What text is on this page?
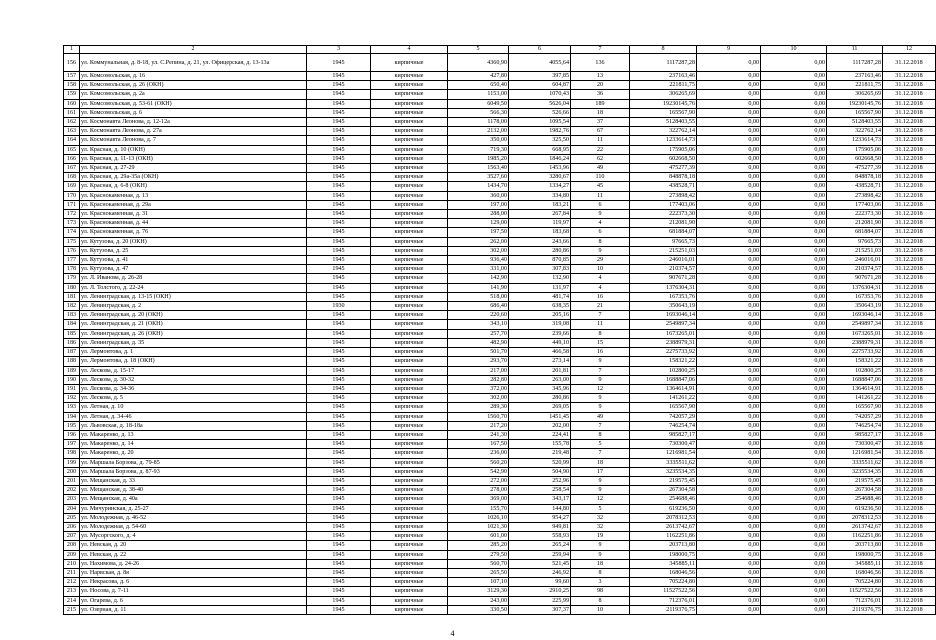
1	2	3	4	5	6	7	8	9	10	11	12
156	ул. Коммунальная, д. 8-18, ул. С.Репина, д. 21, ул. Офицерская, д. 13-13а	1945	кирпичные	4360,90	4055,64	136	1117287,28	0,00	0,00	1117287,28	31.12.2018
157	ул. Комсомольская, д. 16	1945	кирпичные	427,80	397,85	13	237163,46	0,00	0,00	237163,46	31.12.2018
158	ул. Комсомольская, д. 26 (ОКН)	1945	кирпичные	650,40	604,87	20	221811,75	0,00	0,00	221811,75	31.12.2018
159	ул. Комсомольская, д. 2а	1945	кирпичные	1153,00	1070,43	36	306265,69	0,00	0,00	306265,69	31.12.2018
160	ул. Комсомольская, д. 53-61 (ОКН)	1945	кирпичные	6049,50	5626,04	189	19230145,76	0,00	0,00	19230145,76	31.12.2018
161	ул. Комсомольская, д. 6	1945	кирпичные	566,30	526,66	18	165567,90	0,00	0,00	165567,90	31.12.2018
162	ул. Космонавта Леонова, д. 12-12а	1945	кирпичные	1178,00	1095,54	37	5128403,55	0,00	0,00	5128403,55	31.12.2018
163	ул. Космонавта Леонова, д. 27а	1945	кирпичные	2132,00	1982,76	67	322762,14	0,00	0,00	322762,14	31.12.2018
164	ул. Космонавта Леонова, д. 7	1945	кирпичные	350,00	325,50	11	1233614,73	0,00	0,00	1233614,73	31.12.2018
165	ул. Красная, д. 10 (ОКН)	1945	кирпичные	719,30	668,95	22	175905,06	0,00	0,00	175905,06	31.12.2018
166	ул. Красная, д. 11-13 (ОКН)	1945	кирпичные	1985,20	1846,24	62	602668,50	0,00	0,00	602668,50	31.12.2018
167	ул. Красная, д. 27-29	1945	кирпичные	1563,40	1453,96	49	475277,39	0,00	0,00	475277,39	31.12.2018
168	ул. Красная, д. 29а-35а (ОКН)	1945	кирпичные	3527,60	3280,67	110	848878,18	0,00	0,00	848878,18	31.12.2018
169	ул. Красная, д. 6-8 (ОКН)	1945	кирпичные	1434,70	1334,27	45	438528,71	0,00	0,00	438528,71	31.12.2018
170	ул. Краснокаменная, д. 13	1945	кирпичные	360,00	334,80	11	273898,42	0,00	0,00	273898,42	31.12.2018
171	ул. Краснокаменная, д. 29а	1945	кирпичные	197,00	183,21	6	177403,06	0,00	0,00	177403,06	31.12.2018
172	ул. Краснокаменная, д. 31	1945	кирпичные	288,00	267,84	9	222373,30	0,00	0,00	222373,30	31.12.2018
173	ул. Краснокаменная, д. 44	1945	кирпичные	129,00	119,97	4	212081,90	0,00	0,00	212081,90	31.12.2018
174	ул. Краснокаменная, д. 76	1945	кирпичные	197,50	183,68	6	681884,07	0,00	0,00	681884,07	31.12.2018
175	ул. Кутузова, д. 20 (ОКН)	1945	кирпичные	262,00	243,66	8	97665,73	0,00	0,00	97665,73	31.12.2018
176	ул. Кутузова, д. 25	1945	кирпичные	302,00	280,86	9	215251,03	0,00	0,00	215251,03	31.12.2018
177	ул. Кутузова, д. 41	1945	кирпичные	936,40	870,85	29	246016,01	0,00	0,00	246016,01	31.12.2018
178	ул. Кутузова, д. 47	1945	кирпичные	331,00	307,83	10	210374,57	0,00	0,00	210374,57	31.12.2018
179	ул. Л. Иванова, д. 26-28	1945	кирпичные	142,90	132,90	4	907671,28	0,00	0,00	907671,28	31.12.2018
180	ул. Л. Толстого, д. 22-24	1945	кирпичные	141,90	131,97	4	1376304,31	0,00	0,00	1376304,31	31.12.2018
181	ул. Ленинградская, д. 13-15 (ОКН)	1945	кирпичные	518,00	481,74	16	167353,76	0,00	0,00	167353,76	31.12.2018
182	ул. Ленинградская, д. 2	1930	кирпичные	686,40	638,35	21	350643,19	0,00	0,00	350643,19	31.12.2018
183	ул. Ленинградская, д. 20 (ОКН)	1945	кирпичные	220,60	205,16	7	1693046,14	0,00	0,00	1693046,14	31.12.2018
184	ул. Ленинградская, д. 21 (ОКН)	1945	кирпичные	343,10	319,08	11	2549897,34	0,00	0,00	2549897,34	31.12.2018
185	ул. Ленинградская, д. 26 (ОКН)	1945	кирпичные	257,70	239,66	8	1673265,01	0,00	0,00	1673265,01	31.12.2018
186	ул. Ленинградская, д. 35	1945	кирпичные	482,90	449,10	15	2388979,31	0,00	0,00	2388979,31	31.12.2018
187	ул. Лермонтова, д. 1	1945	кирпичные	501,70	466,58	16	2275733,92	0,00	0,00	2275733,92	31.12.2018
188	ул. Лермонтова, д. 18 (ОКН)	1945	кирпичные	293,70	273,14	9	158321,22	0,00	0,00	158321,22	31.12.2018
189	ул. Лескова, д. 15-17	1945	кирпичные	217,00	201,81	7	102800,25	0,00	0,00	102800,25	31.12.2018
190	ул. Лескова, д. 30-32	1945	кирпичные	282,80	263,00	9	1688847,06	0,00	0,00	1688847,06	31.12.2018
191	ул. Лескова, д. 34-36	1945	кирпичные	372,00	345,96	12	1364614,91	0,00	0,00	1364614,91	31.12.2018
192	ул. Лескова, д. 5	1945	кирпичные	302,00	280,86	9	141261,22	0,00	0,00	141261,22	31.12.2018
193	ул. Летная, д. 10	1945	кирпичные	289,30	269,05	9	165567,90	0,00	0,00	165567,90	31.12.2018
194	ул. Летная, д. 34-46	1945	кирпичные	1560,70	1451,45	49	742057,29	0,00	0,00	742057,29	31.12.2018
195	ул. Львовская, д. 18-18а	1945	кирпичные	217,20	202,00	7	746254,74	0,00	0,00	746254,74	31.12.2018
196	ул. Макаренко, д. 13	1945	кирпичные	241,30	224,41	8	985827,17	0,00	0,00	985827,17	31.12.2018
197	ул. Макаренко, д. 14	1945	кирпичные	167,50	155,78	5	730300,47	0,00	0,00	730300,47	31.12.2018
198	ул. Макаренко, д. 20	1945	кирпичные	236,00	219,48	7	1216981,54	0,00	0,00	1216981,54	31.12.2018
199	ул. Маршала Борзова, д. 79-85	1945	кирпичные	560,20	520,99	18	3335511,62	0,00	0,00	3335511,62	31.12.2018
200	ул. Маршала Борзова, д. 87-93	1945	кирпичные	542,90	504,90	17	3235534,35	0,00	0,00	3235534,35	31.12.2018
201	ул. Мещанская, д. 33	1945	кирпичные	272,00	252,96	9	219575,45	0,00	0,00	219575,45	31.12.2018
202	ул. Мещанская, д. 38-40	1945	кирпичные	278,00	258,54	9	267304,58	0,00	0,00	267304,58	31.12.2018
203	ул. Мещанская, д. 40а	1945	кирпичные	369,00	343,17	12	254688,46	0,00	0,00	254688,46	31.12.2018
204	ул. Мичуринская, д. 25-27	1945	кирпичные	155,70	144,80	5	619236,50	0,00	0,00	619236,50	31.12.2018
205	ул. Молодежная, д. 46-52	1945	кирпичные	1026,10	954,27	32	2078312,53	0,00	0,00	2078312,53	31.12.2018
206	ул. Молодежная, д. 54-60	1945	кирпичные	1021,30	949,81	32	2613742,67	0,00	0,00	2613742,67	31.12.2018
207	ул. Мусоргского, д. 4	1945	кирпичные	601,00	558,93	19	1162251,86	0,00	0,00	1162251,86	31.12.2018
208	ул. Невская, д. 20	1945	кирпичные	285,20	265,24	9	203713,80	0,00	0,00	203713,80	31.12.2018
209	ул. Невская, д. 22	1945	кирпичные	279,50	259,94	9	198000,75	0,00	0,00	198000,75	31.12.2018
210	ул. Нахимова, д. 24-26	1945	кирпичные	560,70	521,45	18	345885,11	0,00	0,00	345885,11	31.12.2018
211	ул. Нарвская, д. 8я	1945	кирпичные	265,50	246,92	8	168046,56	0,00	0,00	168046,56	31.12.2018
212	ул. Некрасова, д. 6	1945	кирпичные	107,10	99,60	3	705224,80	0,00	0,00	705224,80	31.12.2018
213	ул. Носова, д. 7-11	1945	кирпичные	3129,30	2910,25	98	11527522,56	0,00	0,00	11527522,56	31.12.2018
214	ул. Огарева, д. 6	1945	кирпичные	243,00	225,99	8	712376,01	0,00	0,00	712376,01	31.12.2018
215	ул. Озерная, д. 11	1945	кирпичные	330,50	307,37	10	2119376,75	0,00	0,00	2119376,75	31.12.2018
4
